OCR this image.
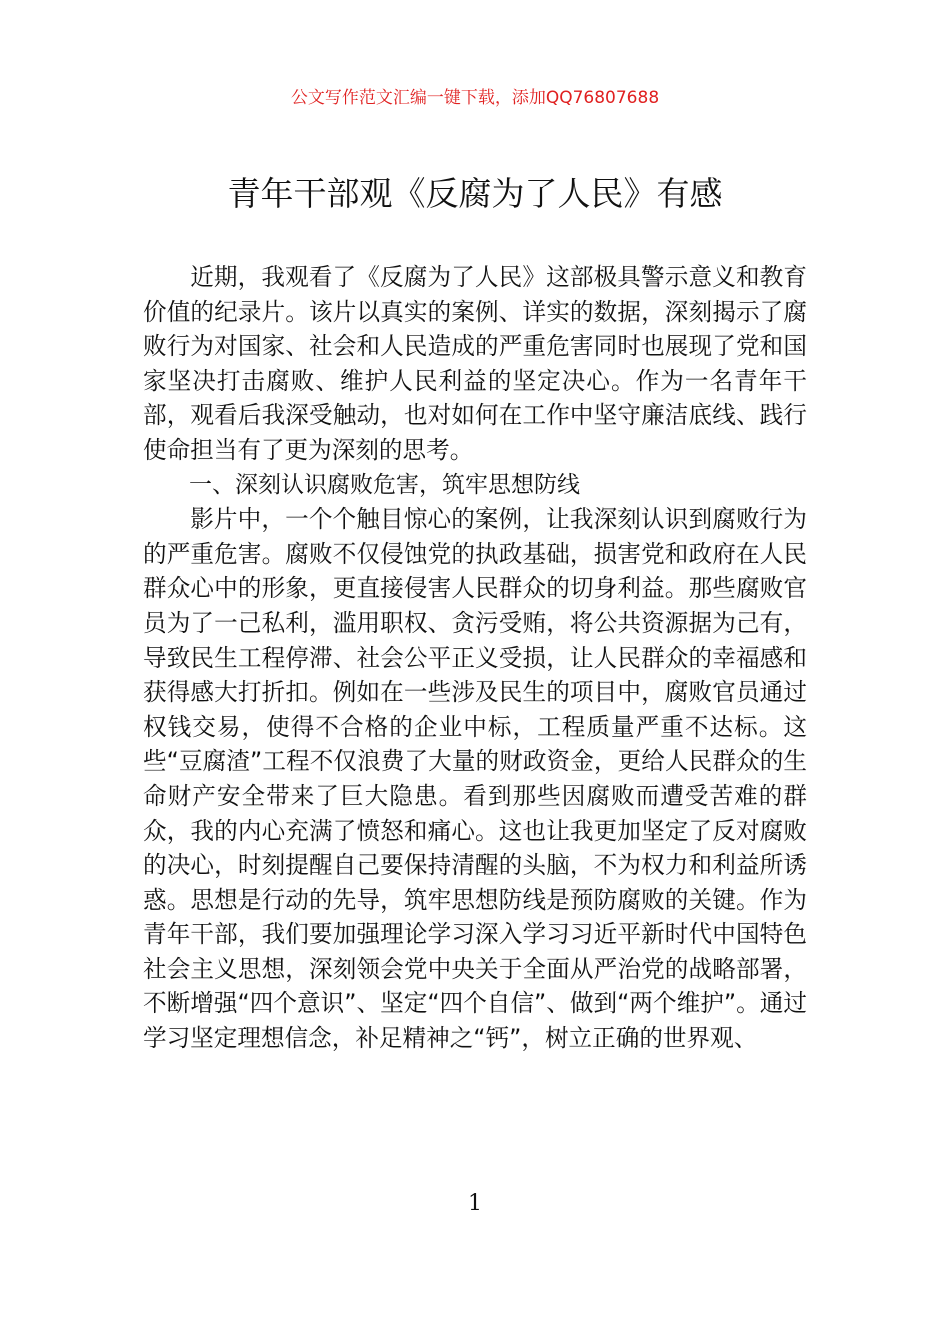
公文写作范文汇编一键下载，添加QQ76807688
青年干部观《反腐为了人民》有感

近期，我观看了《反腐为了人民》这部极具警示意义和教育价值的纪录片。该片以真实的案例、详实的数据，深刻揭示了腐败行为对国家、社会和人民造成的严重危害同时也展现了党和国家坚决打击腐败、维护人民利益的坚定决心。作为一名青年干部，观看后我深受触动，也对如何在工作中坚守廉洁底线、践行使命担当有了更为深刻的思考。

一、深刻认识腐败危害，筑牢思想防线

影片中，一个个触目惊心的案例，让我深刻认识到腐败行为的严重危害。腐败不仅侵蚀党的执政基础，损害党和政府在人民群众心中的形象，更直接侵害人民群众的切身利益。那些腐败官员为了一己私利，滥用职权、贪污受贿，将公共资源据为己有，导致民生工程停滞、社会公平正义受损，让人民群众的幸福感和获得感大打折扣。例如在一些涉及民生的项目中，腐败官员通过权钱交易，使得不合格的企业中标，工程质量严重不达标。这些“豆腐渣”工程不仅浪费了大量的财政资金，更给人民群众的生命财产安全带来了巨大隐患。看到那些因腐败而遭受苦难的群众，我的内心充满了愤怒和痛心。这也让我更加坚定了反对腐败的决心，时刻提醒自己要保持清醒的头脑，不为权力和利益所诱惑。思想是行动的先导，筑牢思想防线是预防腐败的关键。作为青年干部，我们要加强理论学习深入学习习近平新时代中国特色社会主义思想，深刻领会党中央关于全面从严治党的战略部署，不断增强“四个意识”、坚定“四个自信”、做到“两个维护”。通过学习坚定理想信念，补足精神之“钙”，树立正确的世界观、

1
